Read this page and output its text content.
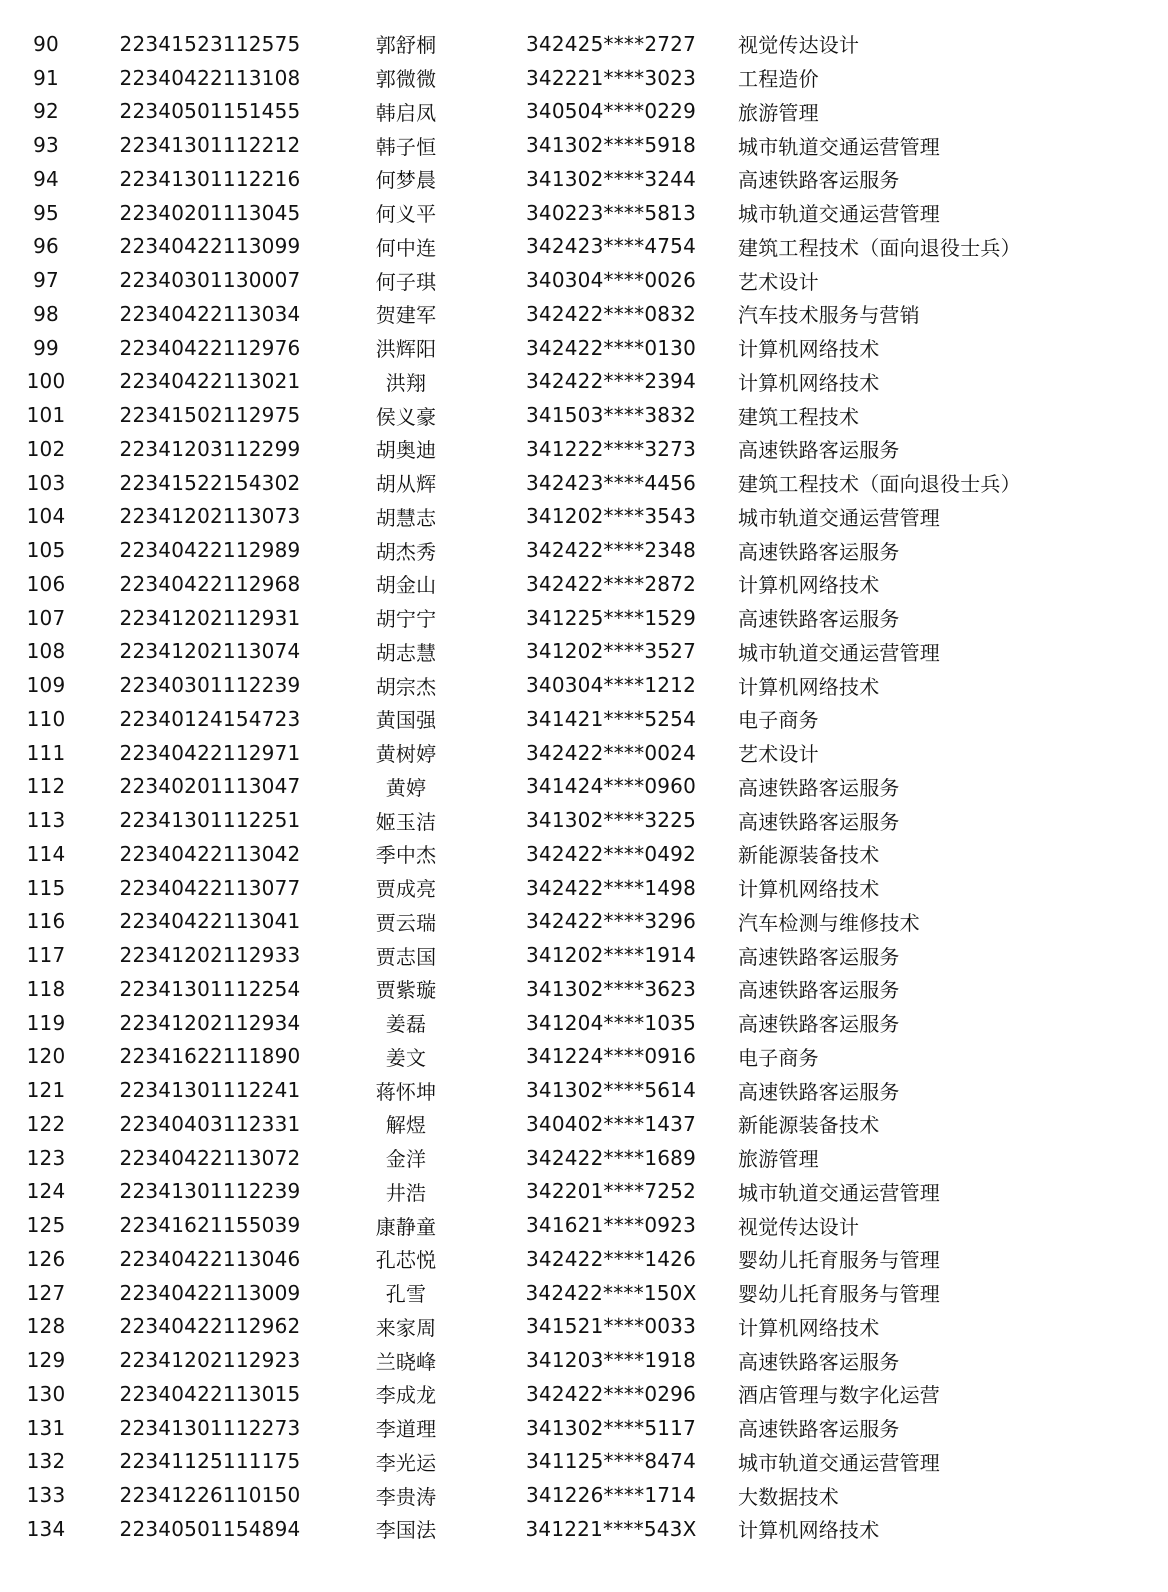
90	22341523112575	郭舒桐	342425****2727	视觉传达设计
91	22340422113108	郭微微	342221****3023	工程造价
92	22340501151455	韩启凤	340504****0229	旅游管理
93	22341301112212	韩子恒	341302****5918	城市轨道交通运营管理
94	22341301112216	何梦晨	341302****3244	高速铁路客运服务
95	22340201113045	何义平	340223****5813	城市轨道交通运营管理
96	22340422113099	何中连	342423****4754	建筑工程技术（面向退役士兵）
97	22340301130007	何子琪	340304****0026	艺术设计
98	22340422113034	贺建军	342422****0832	汽车技术服务与营销
99	22340422112976	洪辉阳	342422****0130	计算机网络技术
100	22340422113021	洪翔	342422****2394	计算机网络技术
101	22341502112975	侯义豪	341503****3832	建筑工程技术
102	22341203112299	胡奥迪	341222****3273	高速铁路客运服务
103	22341522154302	胡从辉	342423****4456	建筑工程技术（面向退役士兵）
104	22341202113073	胡慧志	341202****3543	城市轨道交通运营管理
105	22340422112989	胡杰秀	342422****2348	高速铁路客运服务
106	22340422112968	胡金山	342422****2872	计算机网络技术
107	22341202112931	胡宁宁	341225****1529	高速铁路客运服务
108	22341202113074	胡志慧	341202****3527	城市轨道交通运营管理
109	22340301112239	胡宗杰	340304****1212	计算机网络技术
110	22340124154723	黄国强	341421****5254	电子商务
111	22340422112971	黄树婷	342422****0024	艺术设计
112	22340201113047	黄婷	341424****0960	高速铁路客运服务
113	22341301112251	姬玉洁	341302****3225	高速铁路客运服务
114	22340422113042	季中杰	342422****0492	新能源装备技术
115	22340422113077	贾成亮	342422****1498	计算机网络技术
116	22340422113041	贾云瑞	342422****3296	汽车检测与维修技术
117	22341202112933	贾志国	341202****1914	高速铁路客运服务
118	22341301112254	贾紫璇	341302****3623	高速铁路客运服务
119	22341202112934	姜磊	341204****1035	高速铁路客运服务
120	22341622111890	姜文	341224****0916	电子商务
121	22341301112241	蒋怀坤	341302****5614	高速铁路客运服务
122	22340403112331	解煜	340402****1437	新能源装备技术
123	22340422113072	金洋	342422****1689	旅游管理
124	22341301112239	井浩	342201****7252	城市轨道交通运营管理
125	22341621155039	康静童	341621****0923	视觉传达设计
126	22340422113046	孔芯悦	342422****1426	婴幼儿托育服务与管理
127	22340422113009	孔雪	342422****150X	婴幼儿托育服务与管理
128	22340422112962	来家周	341521****0033	计算机网络技术
129	22341202112923	兰晓峰	341203****1918	高速铁路客运服务
130	22340422113015	李成龙	342422****0296	酒店管理与数字化运营
131	22341301112273	李道理	341302****5117	高速铁路客运服务
132	22341125111175	李光运	341125****8474	城市轨道交通运营管理
133	22341226110150	李贵涛	341226****1714	大数据技术
134	22340501154894	李国法	341221****543X	计算机网络技术
